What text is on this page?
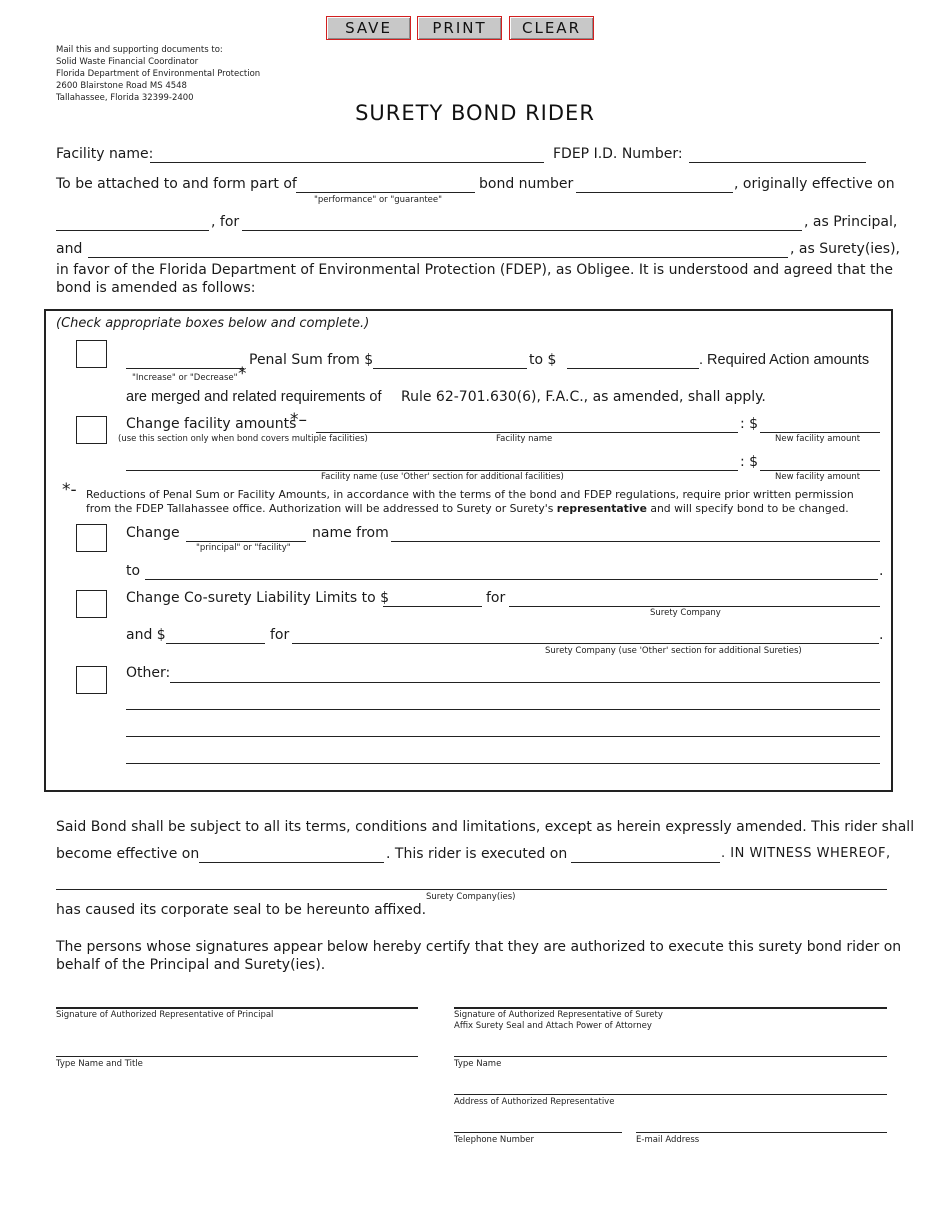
SAVE	PRINT	CLEAR
Mail this and supporting documents to:
Solid Waste Financial Coordinator
Florida Department of Environmental Protection
2600 Blairstone Road MS 4548
Tallahassee, Florida 32399-2400
SURETY BOND RIDER
Facility name:	FDEP I.D. Number:
To be attached to and form part of
"performance" or "guarantee"
bond number	, originally effective on
, for	, as Principal,
and	, as Surety(ies),
in favor of the Florida Department of Environmental Protection (FDEP), as Obligee. It is understood and agreed that the
bond is amended as follows:
(Check appropriate boxes below and complete.)
Penal Sum from $	to $	. Required Action amounts
"Increase" or "Decrease" *
are merged and related requirements of Rule 62-701.630(6), F.A.C., as amended, shall apply.
Change facility amounts
*–	: $
(use this section only when bond covers multiple facilities)	Facility name	New facility amount
: $
Facility name (use 'Other' section for additional facilities)	New facility amount
*- Reductions of Penal Sum or Facility Amounts, in accordance with the terms of the bond and FDEP regulations, require prior written permission
from the FDEP Tallahassee office. Authorization will be addressed to Surety or Surety's representative and will specify bond to be changed.
Change
"principal" or "facility"
name from
to	.
Change Co-surety Liability Limits to $	for
Surety Company
and $	for	.
Surety Company (use 'Other' section for additional Sureties)
Other:
Said Bond shall be subject to all its terms, conditions and limitations, except as herein expressly amended. This rider shall
become effective on	. This rider is executed on	. IN WITNESS WHEREOF,
Surety Company(ies)
has caused its corporate seal to be hereunto affixed.
The persons whose signatures appear below hereby certify that they are authorized to execute this surety bond rider on
behalf of the Principal and Surety(ies).
Signature of Authorized Representative of Principal	Signature of Authorized Representative of Surety
Affix Surety Seal and Attach Power of Attorney
Type Name and Title	Type Name
Address of Authorized Representative
Telephone Number	E-mail Address
